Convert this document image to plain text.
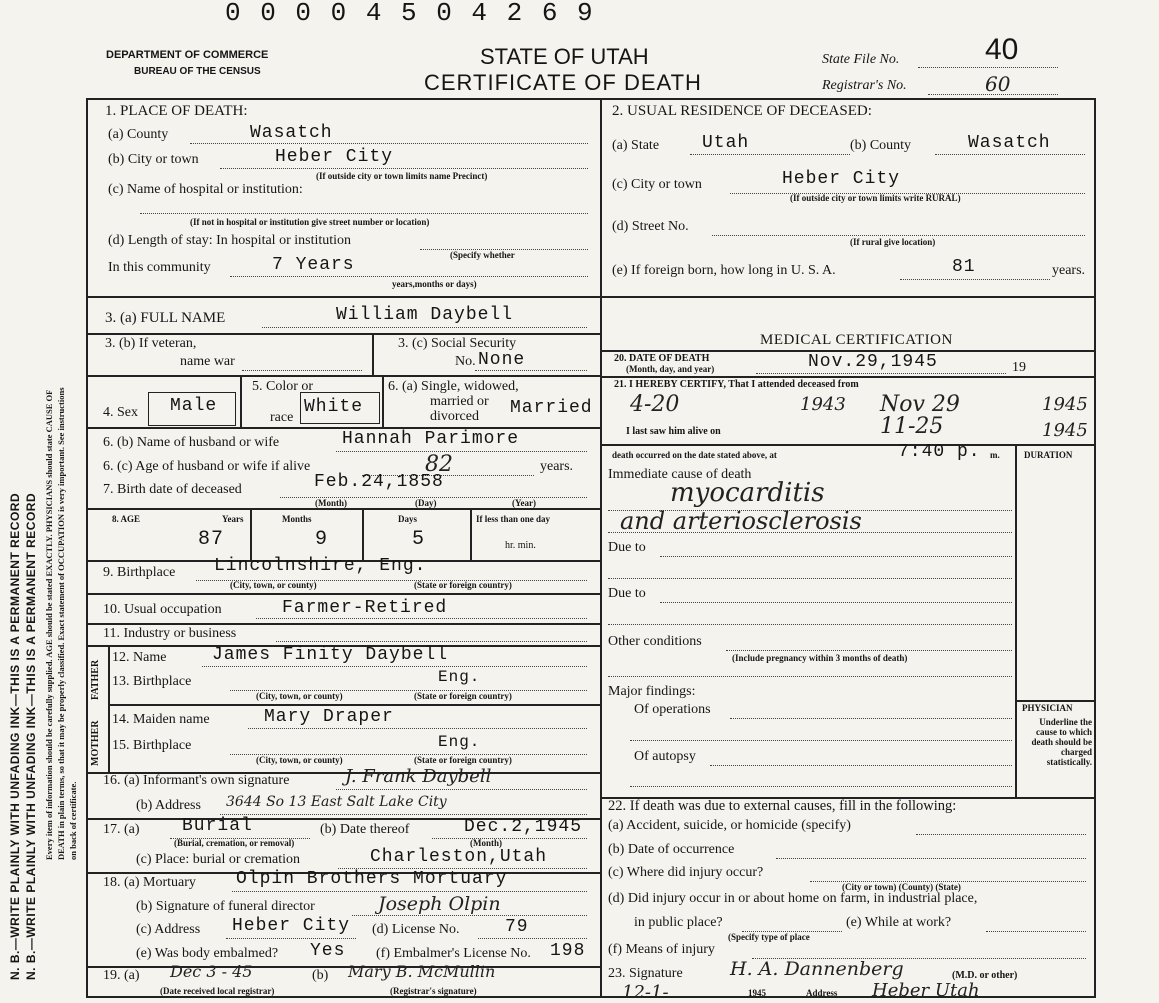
N. B.—WRITE PLAINLY WITH UNFADING INK—THIS IS A PERMANENT RECORD N. B.—WRITE PLAINLY WITH UNFADING INK—THIS IS A PERMANENT RECORD Every item of information should be carefully supplied. AGE should be stated EXACTLY. PHYSICIANS should state CAUSE OF DEATH in plain terms, so that it may be properly classified. Exact statement of OCCUPATION is very important. See instructions on back of certificate.
0 0 0 0 4 5 0 4 2 6 9
DEPARTMENT OF COMMERCE
BUREAU OF THE CENSUS
STATE OF UTAH
CERTIFICATE OF DEATH
State File No.	40
Registrar's No.	60
1. PLACE OF DEATH:
(a) County	Wasatch
(b) City or town	Heber City
(If outside city or town limits name Precinct)
(c) Name of hospital or institution:
(If not in hospital or institution give street number or location)
(d) Length of stay: In hospital or institution
(Specify whether
In this community	7 Years
years,months or days)
2. USUAL RESIDENCE OF DECEASED:
(a) State Utah	(b) County	Wasatch
(c) City or town	Heber City
(If outside city or town limits write RURAL)
(d) Street No.
(If rural give location)
(e) If foreign born, how long in U. S. A.	81	years.
3. (a) FULL NAME	William Daybell
3. (b) If veteran,
name war
3. (c) Social Security
No. None
4. Sex Male
5. Color or
race
White
6. (a) Single, widowed,
married or
divorced Married
6. (b) Name of husband or wife	Hannah Parimore
6. (c) Age of husband or wife if alive	82	years.
7. Birth date of deceased	Feb.24,1858
(Month)	(Day)	(Year)
8. AGE	Years	Months	Days	If less than one day
87	9	5	hr. min.
9. Birthplace Lincolnshire, Eng.
(City, town, or county)	(State or foreign country)
10. Usual occupation	Farmer-Retired
11. Industry or business
FATHER
MOTHER
12. Name	James Finity Daybell
13. Birthplace	Eng.
(City, town, or county)	(State or foreign country)
14. Maiden name	Mary Draper
15. Birthplace	Eng.
(City, town, or county)	(State or foreign country)
16. (a) Informant's own signature	J. Frank Daybell
(b) Address 3644 So 13 East Salt Lake City
17. (a) Burial
(Burial, cremation, or removal)
(b) Date thereof	Dec.2,1945
(Month)
(c) Place: burial or cremation	Charleston,Utah
18. (a) Mortuary Olpin Brothers Mortuary
(b) Signature of funeral director	Joseph Olpin
(c) Address Heber City (d) License No.	79
(e) Was body embalmed? Yes (f) Embalmer's License No. 198
19. (a) Dec 3 - 45
(Date received local registrar)
(b) Mary B. McMullin
(Registrar's signature)
MEDICAL CERTIFICATION
20. DATE OF DEATH
(Month, day, and year)	Nov.29,1945	19
21. I HEREBY CERTIFY, That I attended deceased from
4-20	1943 Nov 29	1945
I last saw him alive on	11-25	1945
death occurred on the date stated above, at	7:40 p. m.	DURATION
Immediate cause of death
myocarditis
and arteriosclerosis
Due to
Due to
Other conditions
(Include pregnancy within 3 months of death)
Major findings:
Of operations
Of autopsy
PHYSICIAN
Underline the cause to which death should be charged statistically.
22. If death was due to external causes, fill in the following:
(a) Accident, suicide, or homicide (specify)
(b) Date of occurrence
(c) Where did injury occur?
(City or town) (County) (State)
(d) Did injury occur in or about home on farm, in industrial place,
in public place?	(e) While at work?
(Specify type of place
(f) Means of injury
23. Signature H. A. Dannenberg	(M.D. or other)
12-1-	1945	Address Heber Utah
